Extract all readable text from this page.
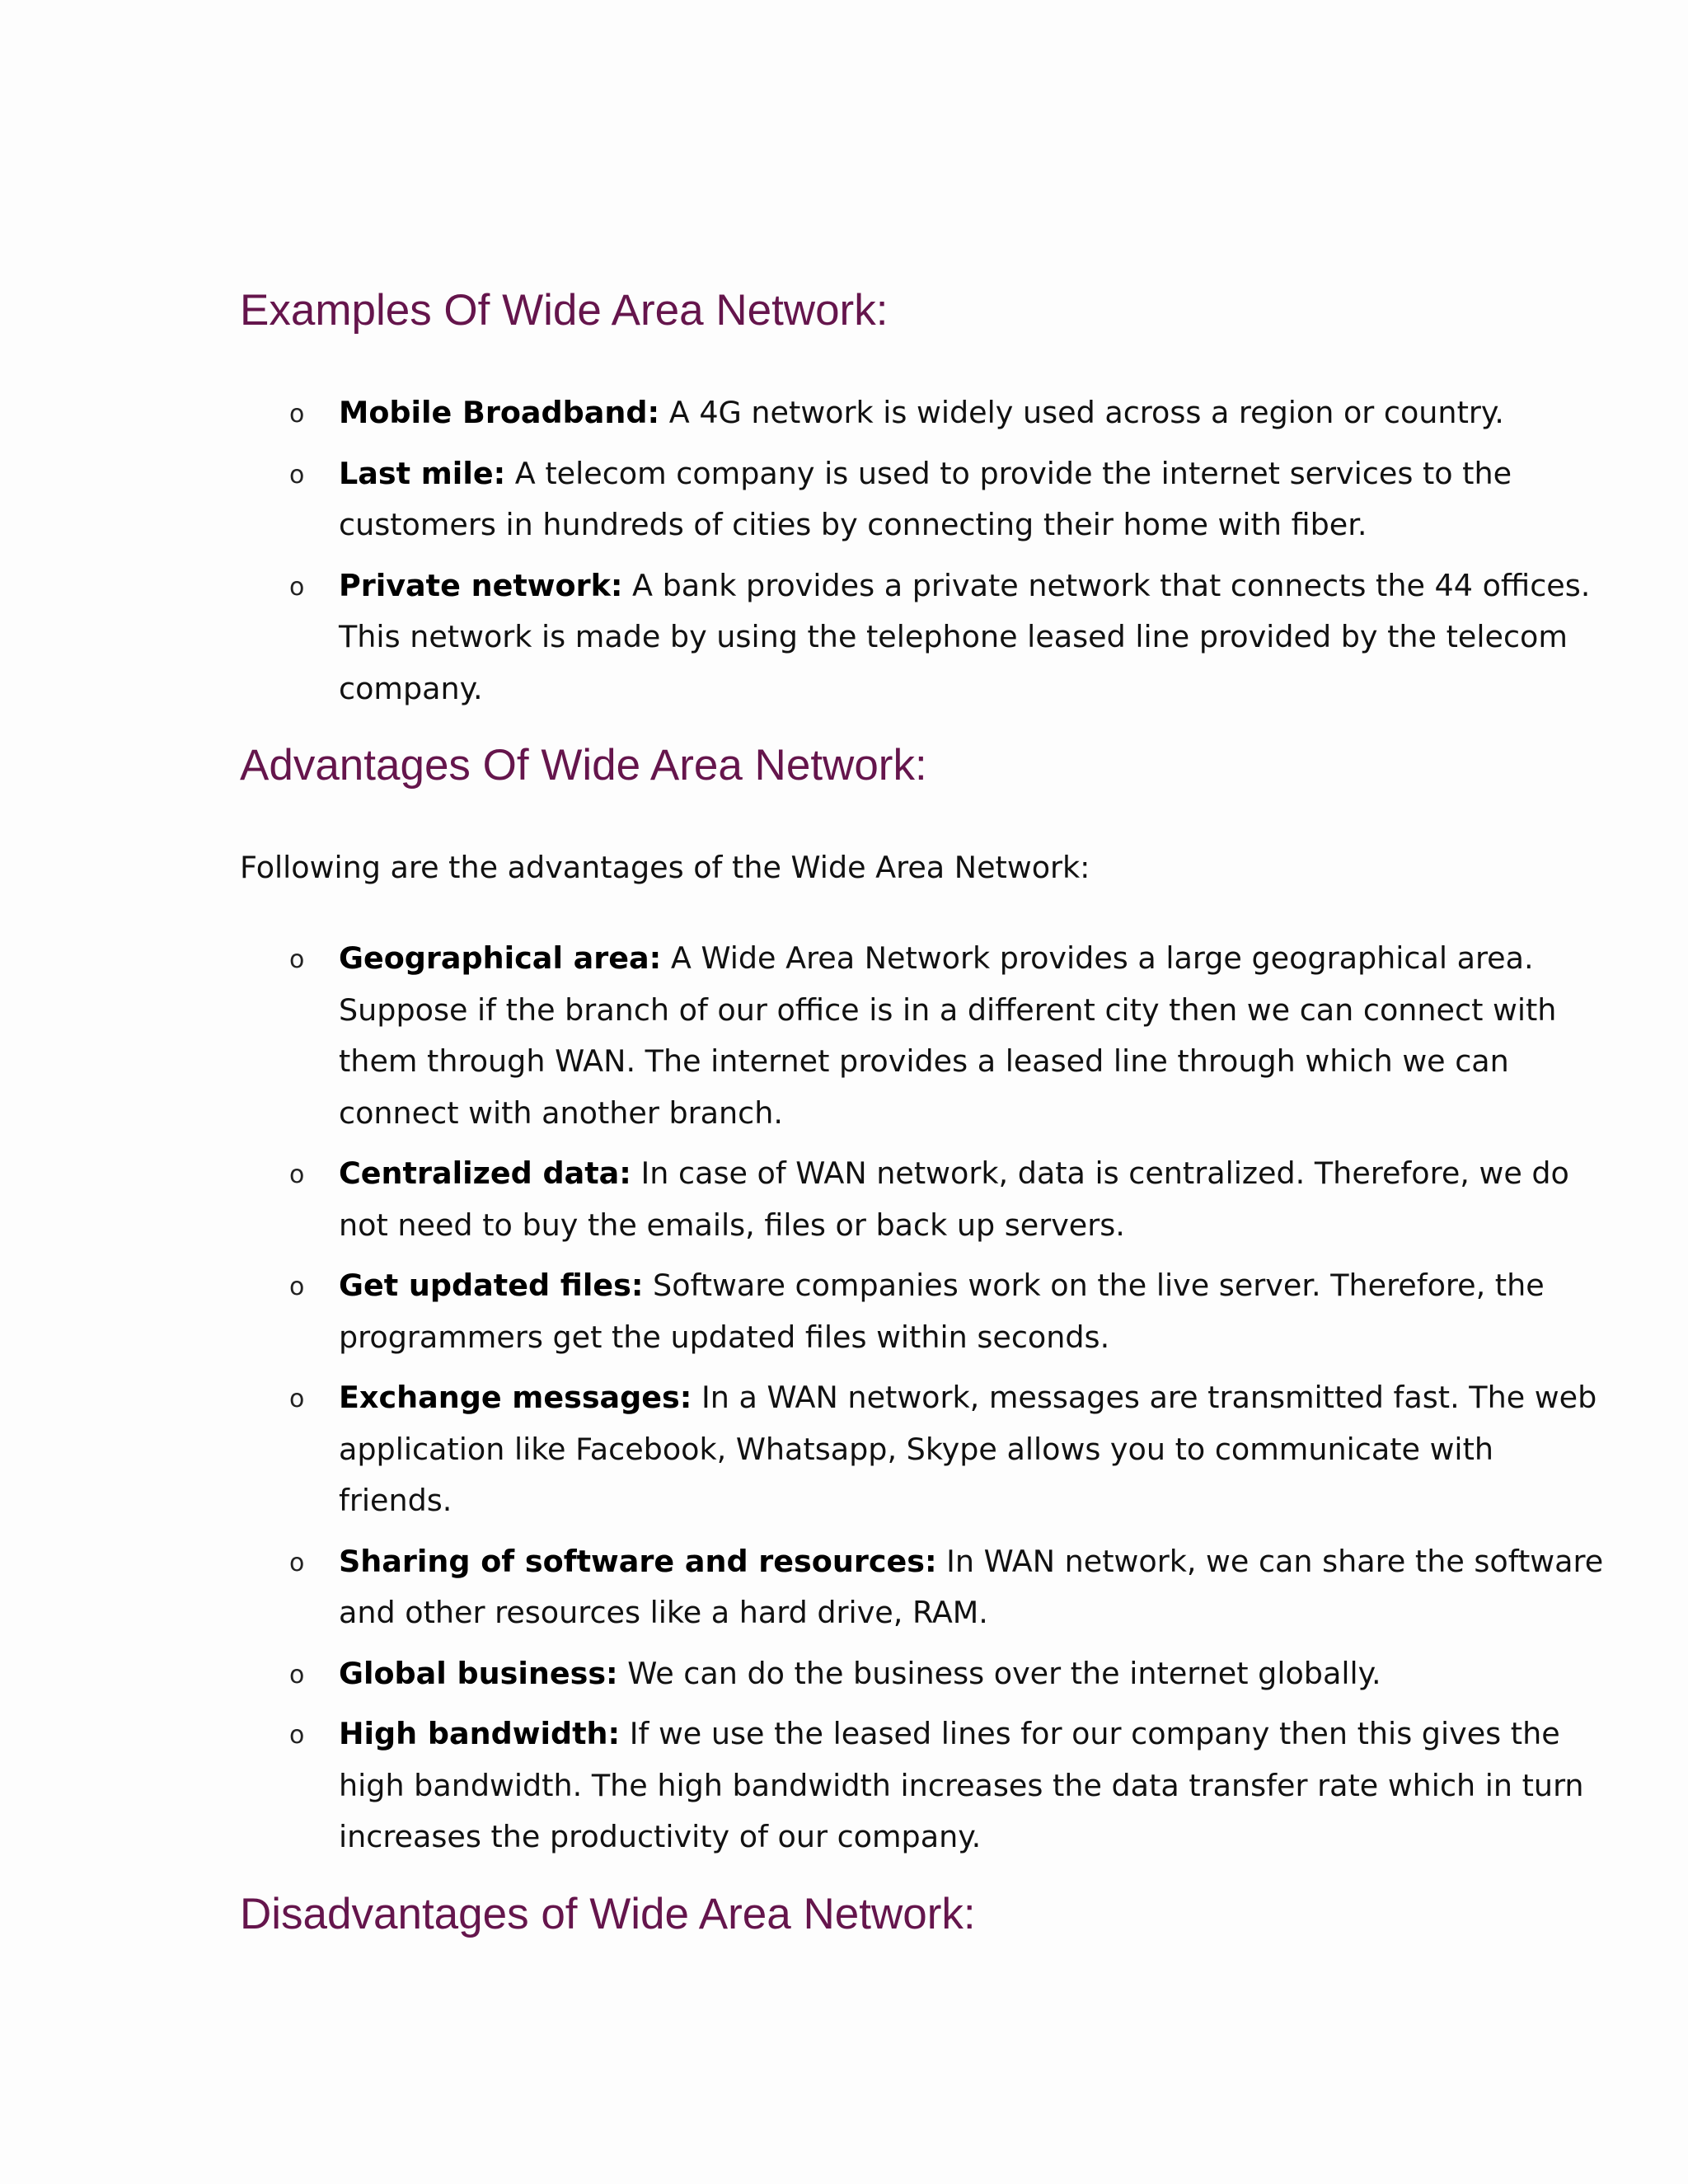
Examples Of Wide Area Network:
o Mobile Broadband: A 4G network is widely used across a region or country.
o Last mile: A telecom company is used to provide the internet services to the customers in hundreds of cities by connecting their home with fiber.
o Private network: A bank provides a private network that connects the 44 offices. This network is made by using the telephone leased line provided by the telecom company.
Advantages Of Wide Area Network:

Following are the advantages of the Wide Area Network:

o Geographical area: A Wide Area Network provides a large geographical area. Suppose if the branch of our office is in a different city then we can connect with them through WAN. The internet provides a leased line through which we can connect with another branch.
o Centralized data: In case of WAN network, data is centralized. Therefore, we do not need to buy the emails, files or back up servers.
o Get updated files: Software companies work on the live server. Therefore, the programmers get the updated files within seconds.
o Exchange messages: In a WAN network, messages are transmitted fast. The web application like Facebook, Whatsapp, Skype allows you to communicate with friends.
o Sharing of software and resources: In WAN network, we can share the software and other resources like a hard drive, RAM.
o Global business: We can do the business over the internet globally.
o High bandwidth: If we use the leased lines for our company then this gives the high bandwidth. The high bandwidth increases the data transfer rate which in turn increases the productivity of our company.
Disadvantages of Wide Area Network:
